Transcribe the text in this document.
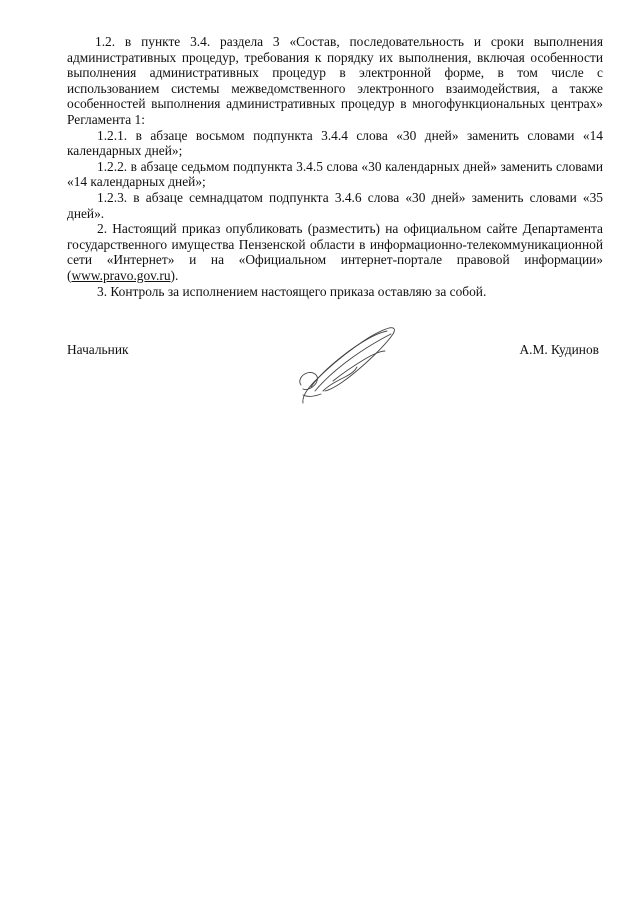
1.2. в пункте 3.4. раздела 3 «Состав, последовательность и сроки выполнения административных процедур, требования к порядку их выполнения, включая особенности выполнения административных процедур в электронной форме, в том числе с использованием системы межведомственного электронного взаимодействия, а также особенностей выполнения административных процедур в многофункциональных центрах» Регламента 1:

1.2.1. в абзаце восьмом подпункта 3.4.4 слова «30 дней» заменить словами «14 календарных дней»;

1.2.2. в абзаце седьмом подпункта 3.4.5 слова «30 календарных дней» заменить словами «14 календарных дней»;

1.2.3. в абзаце семнадцатом подпункта 3.4.6 слова «30 дней» заменить словами «35 дней».

2. Настоящий приказ опубликовать (разместить) на официальном сайте Департамента государственного имущества Пензенской области в информационно-телекоммуникационной сети «Интернет» и на «Официальном интернет-портале правовой информации» (www.pravo.gov.ru).

3. Контроль за исполнением настоящего приказа оставляю за собой.

Начальник	А.М. Кудинов
